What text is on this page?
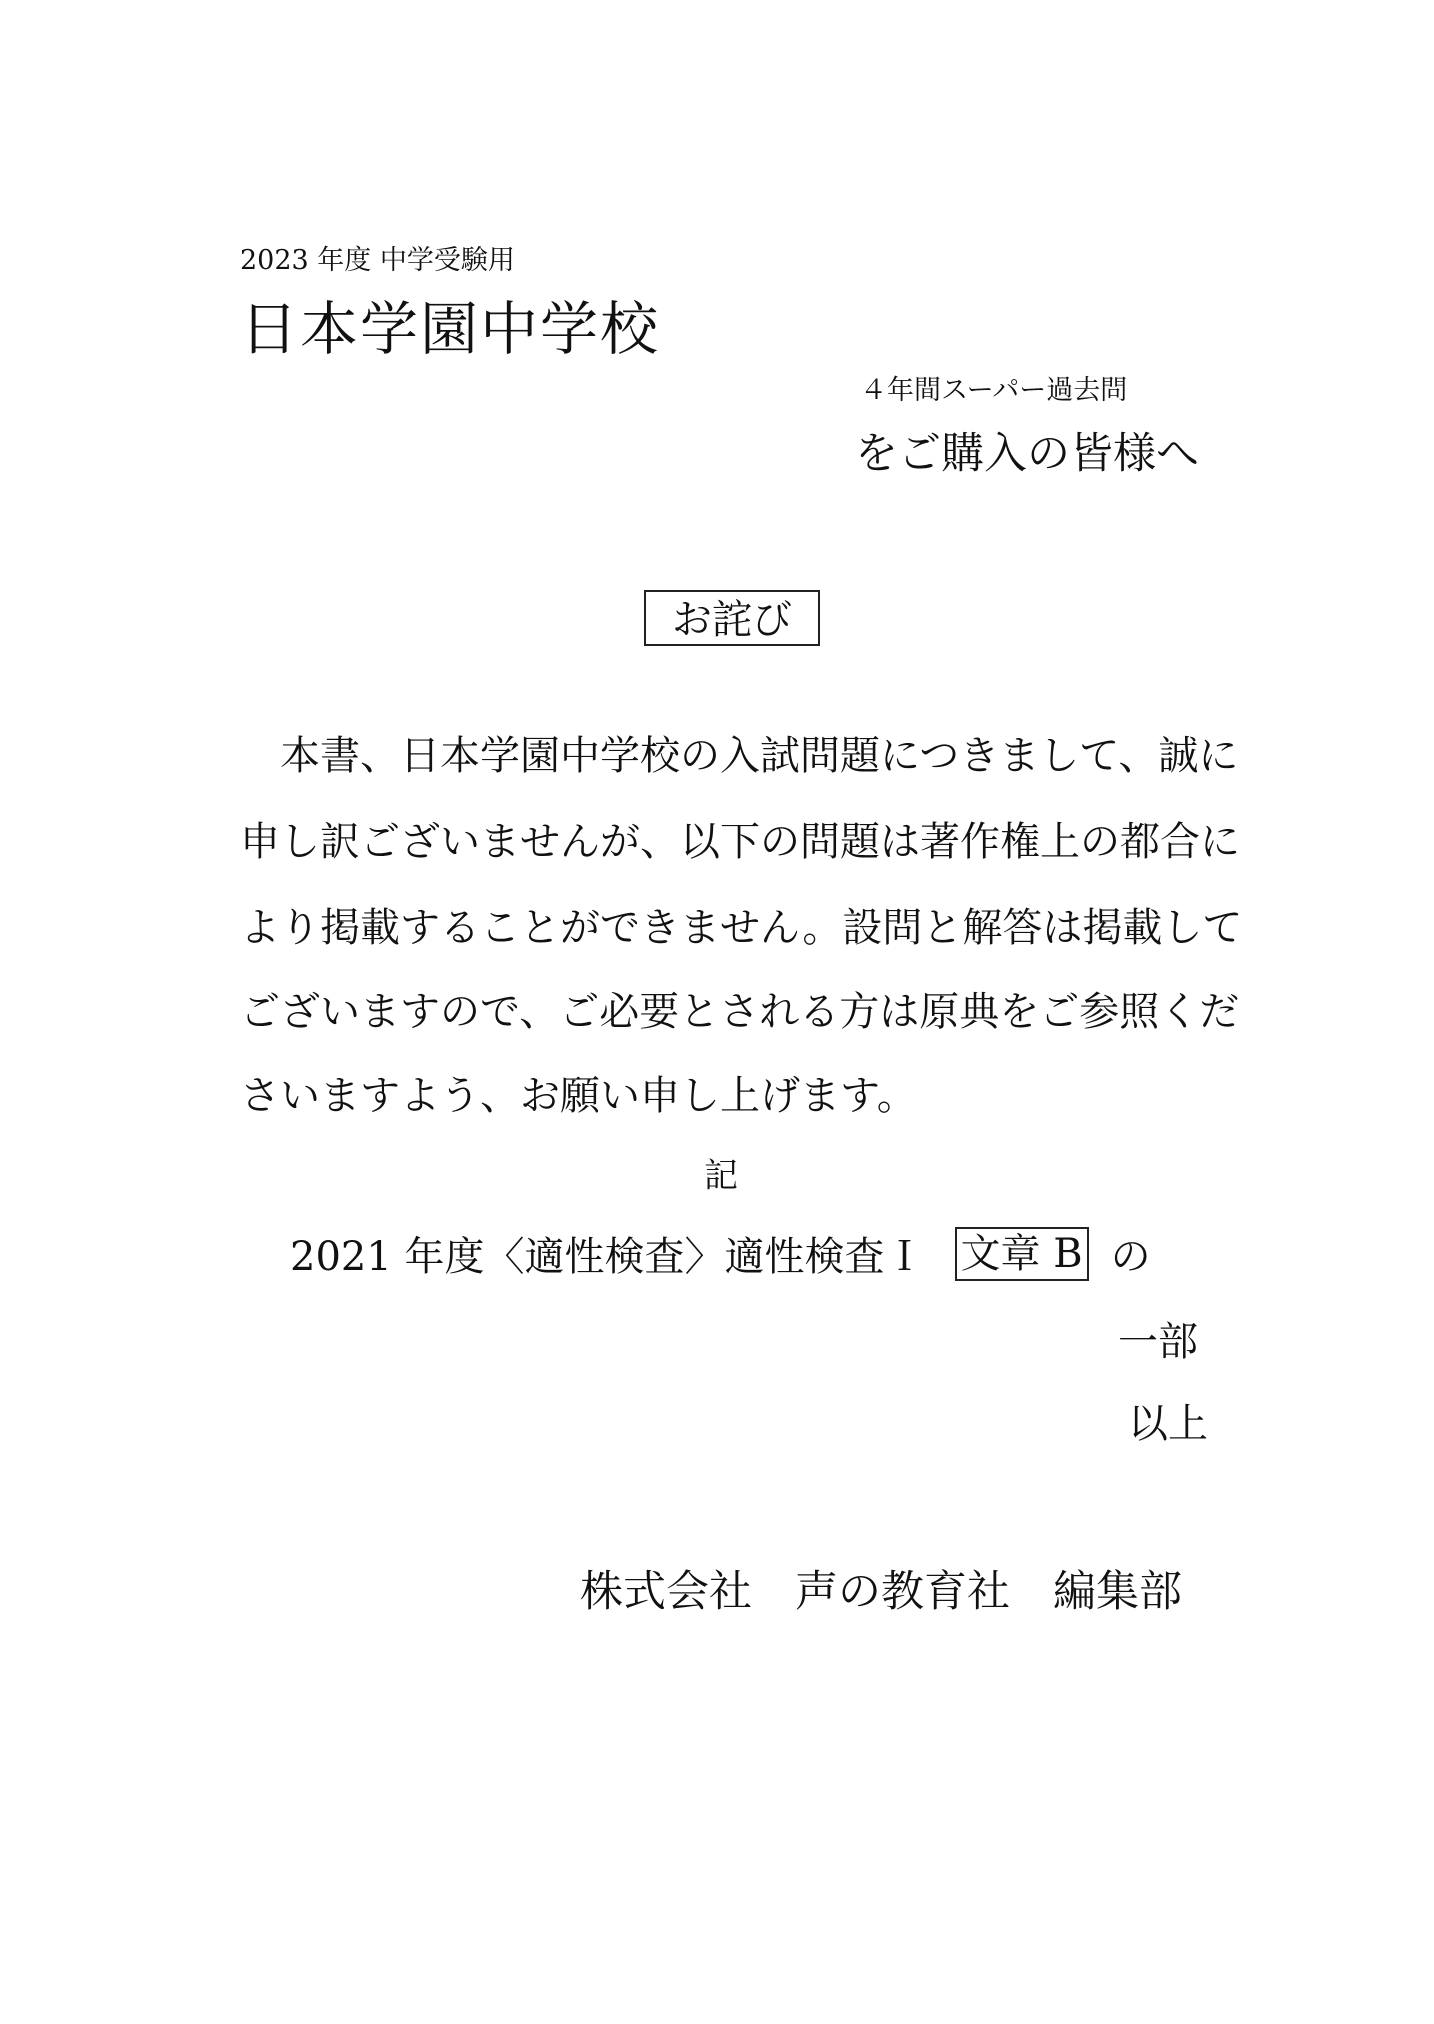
2023 年度 中学受験用
日本学園中学校
４年間スーパー過去問
をご購入の皆様へ
お詫び
　本書、日本学園中学校の入試問題につきまして、誠に
申し訳ございませんが、以下の問題は著作権上の都合に
より掲載することができません。設問と解答は掲載して
ございますので、ご必要とされる方は原典をご参照くだ
さいますよう、お願い申し上げます。
記
2021 年度〈適性検査〉適性検査Ｉ 文章 B の
一部
以上
株式会社　声の教育社　編集部
